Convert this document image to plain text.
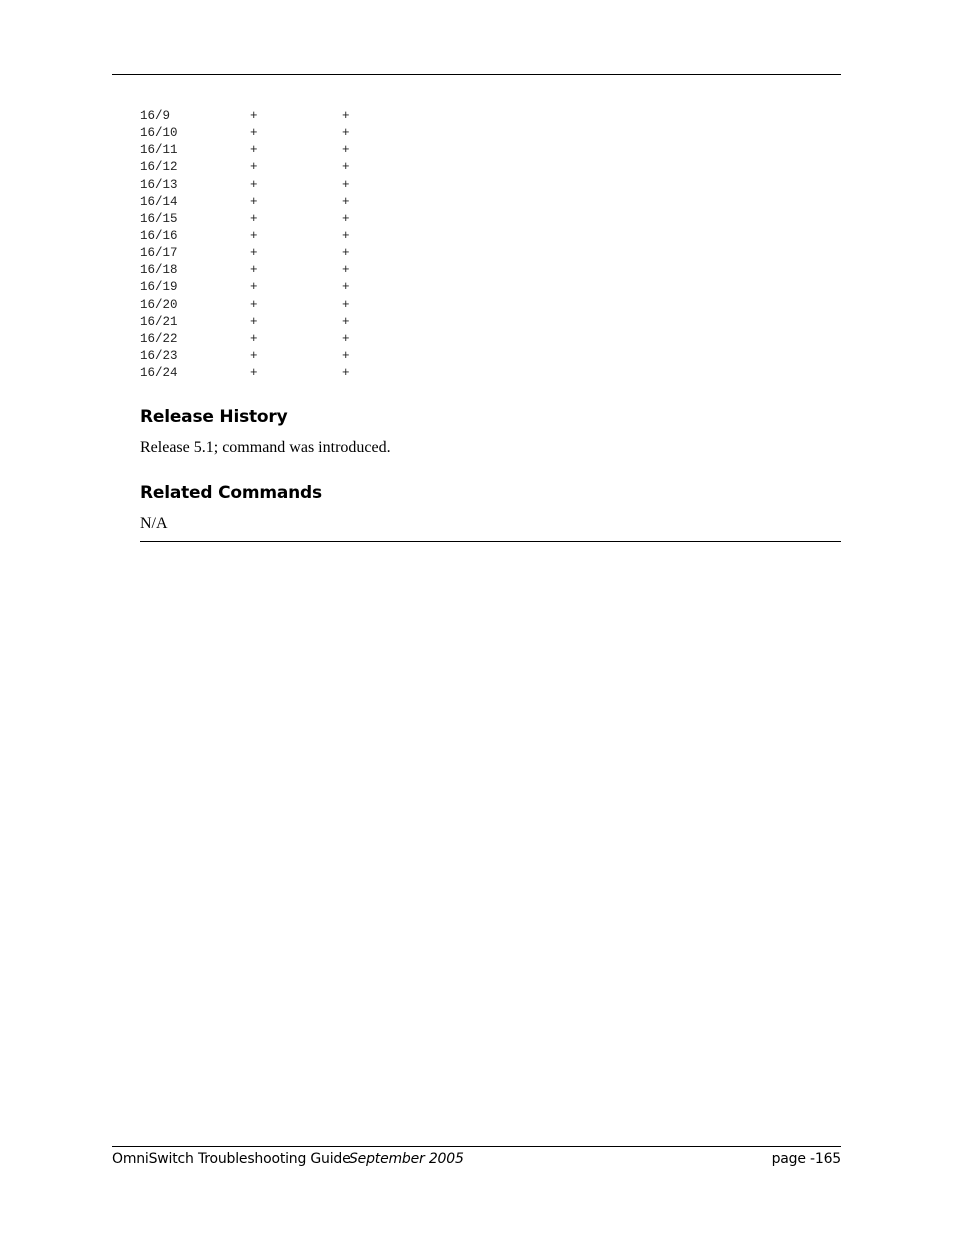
16/9	+	+
16/10	+	+
16/11	+	+
16/12	+	+
16/13	+	+
16/14	+	+
16/15	+	+
16/16	+	+
16/17	+	+
16/18	+	+
16/19	+	+
16/20	+	+
16/21	+	+
16/22	+	+
16/23	+	+
16/24	+	+
Release History

Release 5.1; command was introduced.

Related Commands

N/A

OmniSwitch Troubleshooting Guide
September 2005	page -165
